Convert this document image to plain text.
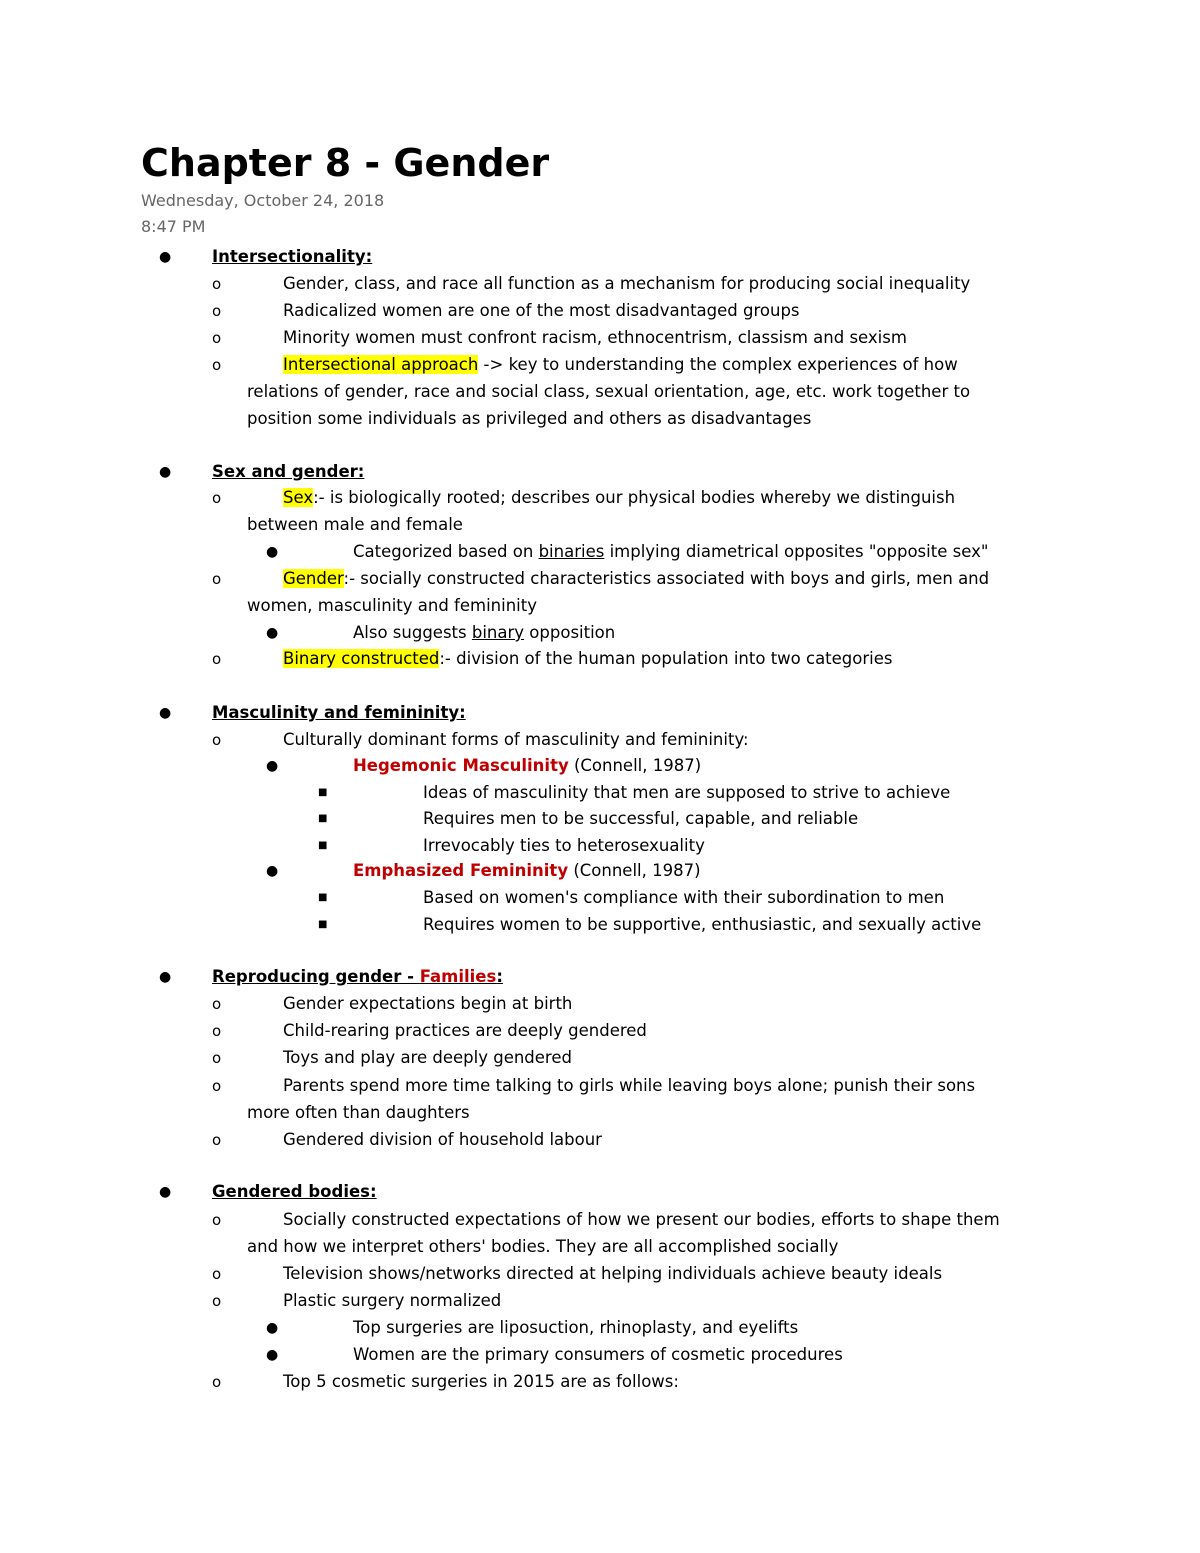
Chapter 8 - Gender
Wednesday, October 24, 2018
8:47 PM
● Intersectionality:
o	Gender, class, and race all function as a mechanism for producing social inequality
o	Radicalized women are one of the most disadvantaged groups
o	Minority women must confront racism, ethnocentrism, classism and sexism
o	Intersectional approach -> key to understanding the complex experiences of how
relations of gender, race and social class, sexual orientation, age, etc. work together to
position some individuals as privileged and others as disadvantages
● Sex and gender:
o	Sex:- is biologically rooted; describes our physical bodies whereby we distinguish
between male and female
●	Categorized based on binaries implying diametrical opposites "opposite sex"
o	Gender:- socially constructed characteristics associated with boys and girls, men and
women, masculinity and femininity
●	Also suggests binary opposition
o	Binary constructed:- division of the human population into two categories
● Masculinity and femininity:
o	Culturally dominant forms of masculinity and femininity:
●	Hegemonic Masculinity (Connell, 1987)
■	Ideas of masculinity that men are supposed to strive to achieve
■	Requires men to be successful, capable, and reliable
■	Irrevocably ties to heterosexuality
●	Emphasized Femininity (Connell, 1987)
■	Based on women's compliance with their subordination to men
■	Requires women to be supportive, enthusiastic, and sexually active
● Reproducing gender - Families:
o	Gender expectations begin at birth
o	Child-rearing practices are deeply gendered
o	Toys and play are deeply gendered
o	Parents spend more time talking to girls while leaving boys alone; punish their sons
more often than daughters
o	Gendered division of household labour
● Gendered bodies:
o	Socially constructed expectations of how we present our bodies, efforts to shape them
and how we interpret others' bodies. They are all accomplished socially
o	Television shows/networks directed at helping individuals achieve beauty ideals
o	Plastic surgery normalized
●	Top surgeries are liposuction, rhinoplasty, and eyelifts
●	Women are the primary consumers of cosmetic procedures
o	Top 5 cosmetic surgeries in 2015 are as follows:
